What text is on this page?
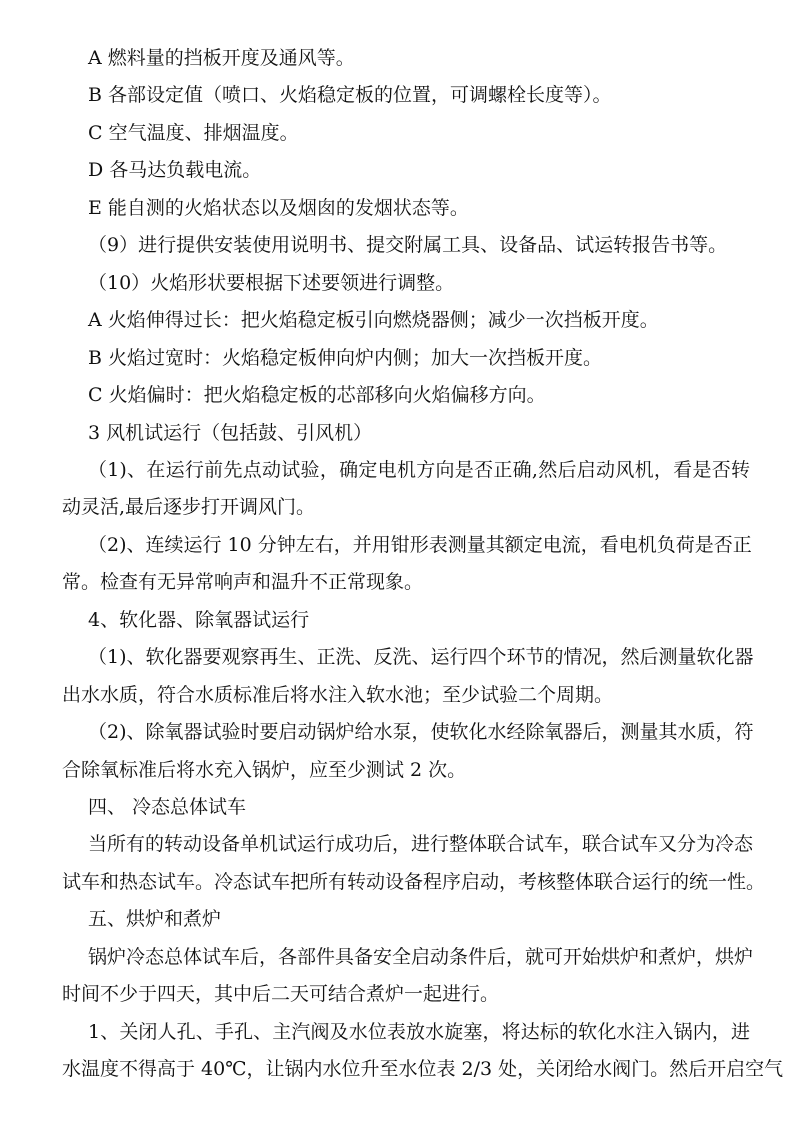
A 燃料量的挡板开度及通风等。
B 各部设定值（喷口、火焰稳定板的位置，可调螺栓长度等）。
C 空气温度、排烟温度。
D 各马达负载电流。
E 能自测的火焰状态以及烟囱的发烟状态等。
（9）进行提供安装使用说明书、提交附属工具、设备品、试运转报告书等。
（10）火焰形状要根据下述要领进行调整。
A 火焰伸得过长：把火焰稳定板引向燃烧器侧；减少一次挡板开度。
B 火焰过宽时：火焰稳定板伸向炉内侧；加大一次挡板开度。
C 火焰偏时：把火焰稳定板的芯部移向火焰偏移方向。
3 风机试运行（包括鼓、引风机）
（1)、在运行前先点动试验，确定电机方向是否正确,然后启动风机，看是否转
动灵活,最后逐步打开调风门。
（2)、连续运行 10 分钟左右，并用钳形表测量其额定电流，看电机负荷是否正
常。检查有无异常响声和温升不正常现象。
4、软化器、除氧器试运行
（1)、软化器要观察再生、正洗、反洗、运行四个环节的情况，然后测量软化器
出水水质，符合水质标准后将水注入软水池；至少试验二个周期。
（2)、除氧器试验时要启动锅炉给水泵，使软化水经除氧器后，测量其水质，符
合除氧标准后将水充入锅炉，应至少测试 2 次。
四、 冷态总体试车
当所有的转动设备单机试运行成功后，进行整体联合试车，联合试车又分为冷态
试车和热态试车。冷态试车把所有转动设备程序启动，考核整体联合运行的统一性。
五、烘炉和煮炉
锅炉冷态总体试车后，各部件具备安全启动条件后，就可开始烘炉和煮炉，烘炉
时间不少于四天，其中后二天可结合煮炉一起进行。
1、关闭人孔、手孔、主汽阀及水位表放水旋塞，将达标的软化水注入锅内，进
水温度不得高于 40℃，让锅内水位升至水位表 2/3 处，关闭给水阀门。然后开启空气
